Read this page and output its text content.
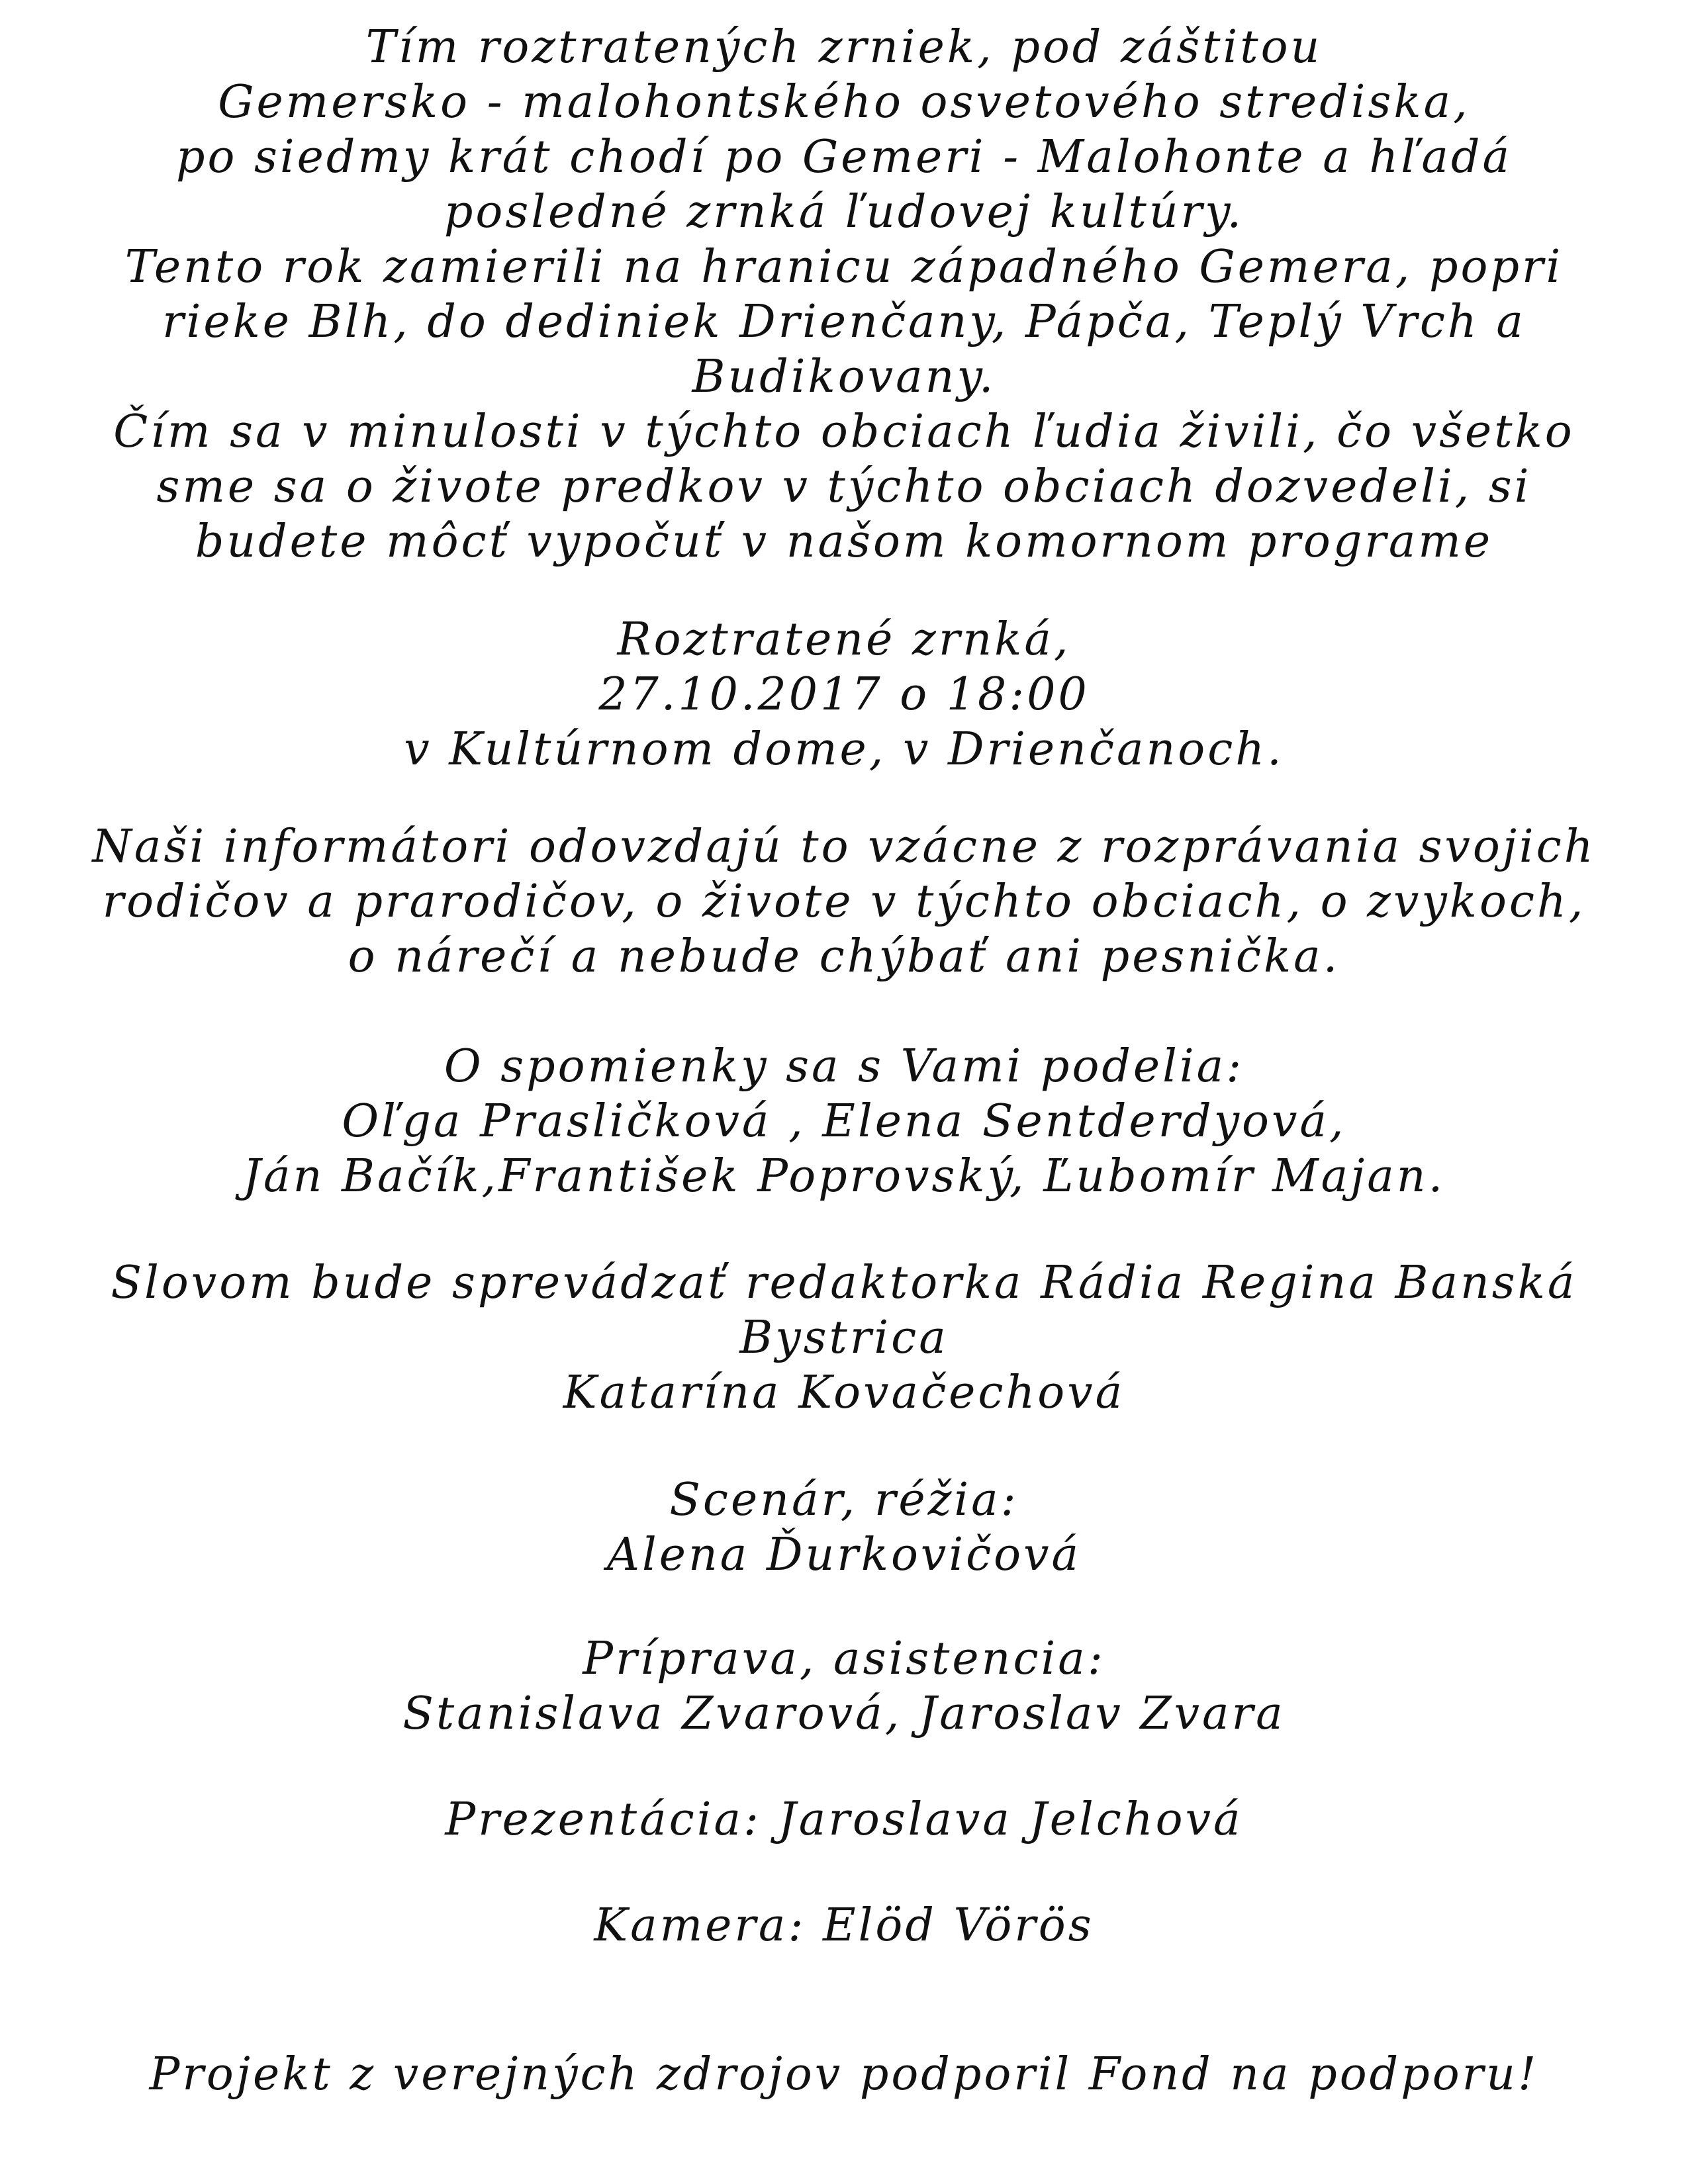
Tím roztratených zrniek, pod záštitou
Gemersko - malohontského osvetového strediska,
po siedmy krát chodí po Gemeri - Malohonte a hľadá
posledné zrnká ľudovej kultúry.
Tento rok zamierili na hranicu západného Gemera, popri
rieke Blh, do dediniek Drienčany, Pápča, Teplý Vrch a
Budikovany.
Čím sa v minulosti v týchto obciach ľudia živili, čo všetko
sme sa o živote predkov v týchto obciach dozvedeli, si
budete môcť vypočuť v našom komornom programe
Roztratené zrnká,
27.10.2017 o 18:00
v Kultúrnom dome, v Drienčanoch.
Naši informátori odovzdajú to vzácne z rozprávania svojich
rodičov a prarodičov, o živote v týchto obciach, o zvykoch,
o nárečí a nebude chýbať ani pesnička.
O spomienky sa s Vami podelia:
Oľga Prasličková , Elena Sentderdyová,
Ján Bačík,František Poprovský, Ľubomír Majan.
Slovom bude sprevádzať redaktorka Rádia Regina Banská
Bystrica
Katarína Kovačechová
Scenár, réžia:
Alena Ďurkovičová
Príprava, asistencia:
Stanislava Zvarová, Jaroslav Zvara
Prezentácia: Jaroslava Jelchová
Kamera: Elöd Vörös
Projekt z verejných zdrojov podporil Fond na podporu!
